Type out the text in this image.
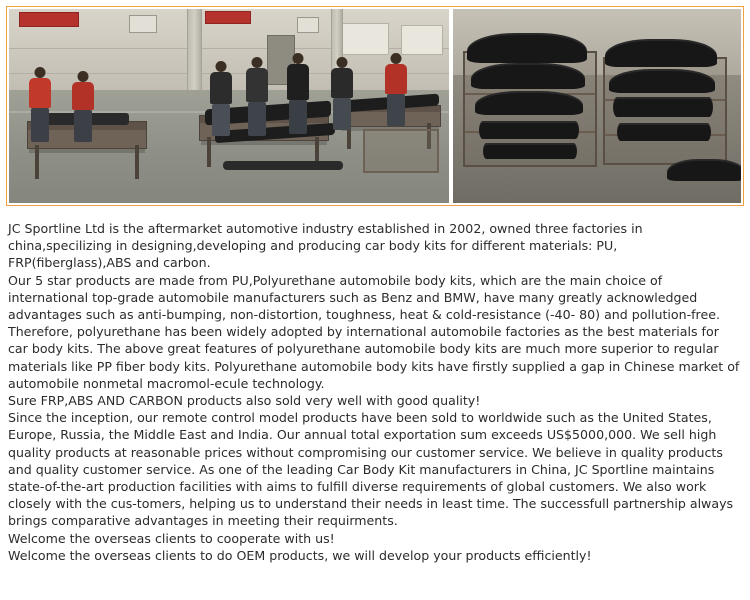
JC Sportline Ltd is the aftermarket automotive industry established in 2002, owned three factories in china,specilizing in designing,developing and producing car body kits for different materials: PU, FRP(fiberglass),ABS and carbon.

Our 5 star products are made from PU,Polyurethane automobile body kits, which are the main choice of international top-grade automobile manufacturers such as Benz and BMW, have many greatly acknowledged advantages such as anti-bumping, non-distortion, toughness, heat & cold-resistance (-40- 80) and pollution-free. Therefore, polyurethane has been widely adopted by international automobile factories as the best materials for car body kits. The above great features of polyurethane automobile body kits are much more superior to regular materials like PP fiber body kits. Polyurethane automobile body kits have firstly supplied a gap in Chinese market of automobile nonmetal macromol-ecule technology.

Sure FRP,ABS AND CARBON products also sold very well with good quality!

Since the inception, our remote control model products have been sold to worldwide such as the United States, Europe, Russia, the Middle East and India. Our annual total exportation sum exceeds US$5000,000. We sell high quality products at reasonable prices without compromising our customer service. We believe in quality products and quality customer service. As one of the leading Car Body Kit manufacturers in China, JC Sportline maintains state-of-the-art production facilities with aims to fulfill diverse requirements of global customers. We also work closely with the cus-tomers, helping us to understand their needs in least time. The successfull partnership always brings comparative advantages in meeting their requirments.

Welcome the overseas clients to cooperate with us!

Welcome the overseas clients to do OEM products, we will develop your products efficiently!
